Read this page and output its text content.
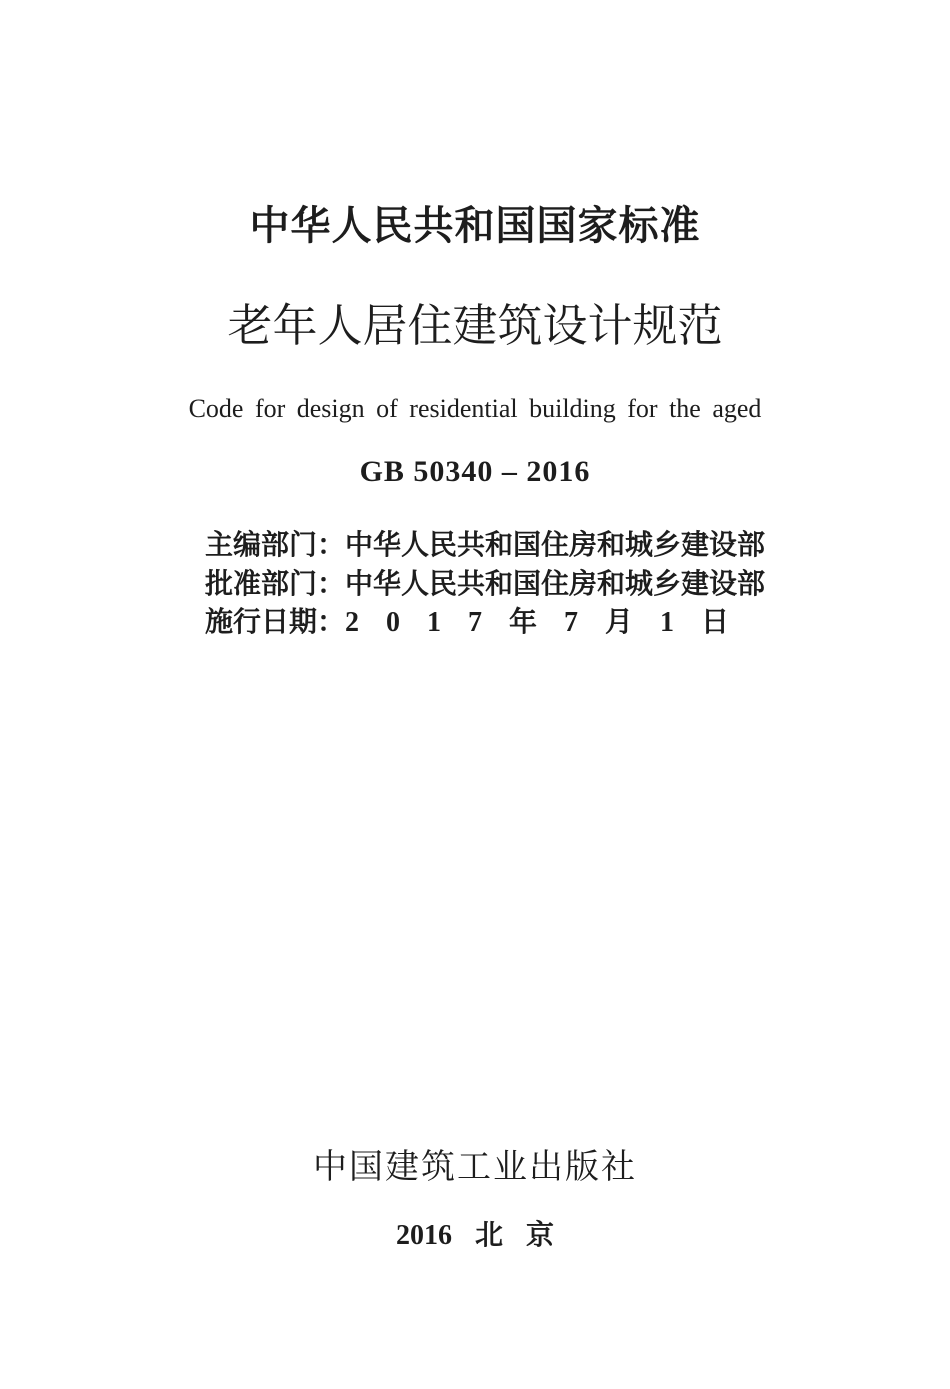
中华人民共和国国家标准
老年人居住建筑设计规范
Code for design of residential building for the aged
GB 50340 – 2016
主编部门：中华人民共和国住房和城乡建设部
批准部门：中华人民共和国住房和城乡建设部
施行日期：2 0 1 7 年 7 月 1 日
中国建筑工业出版社
2016 北 京
